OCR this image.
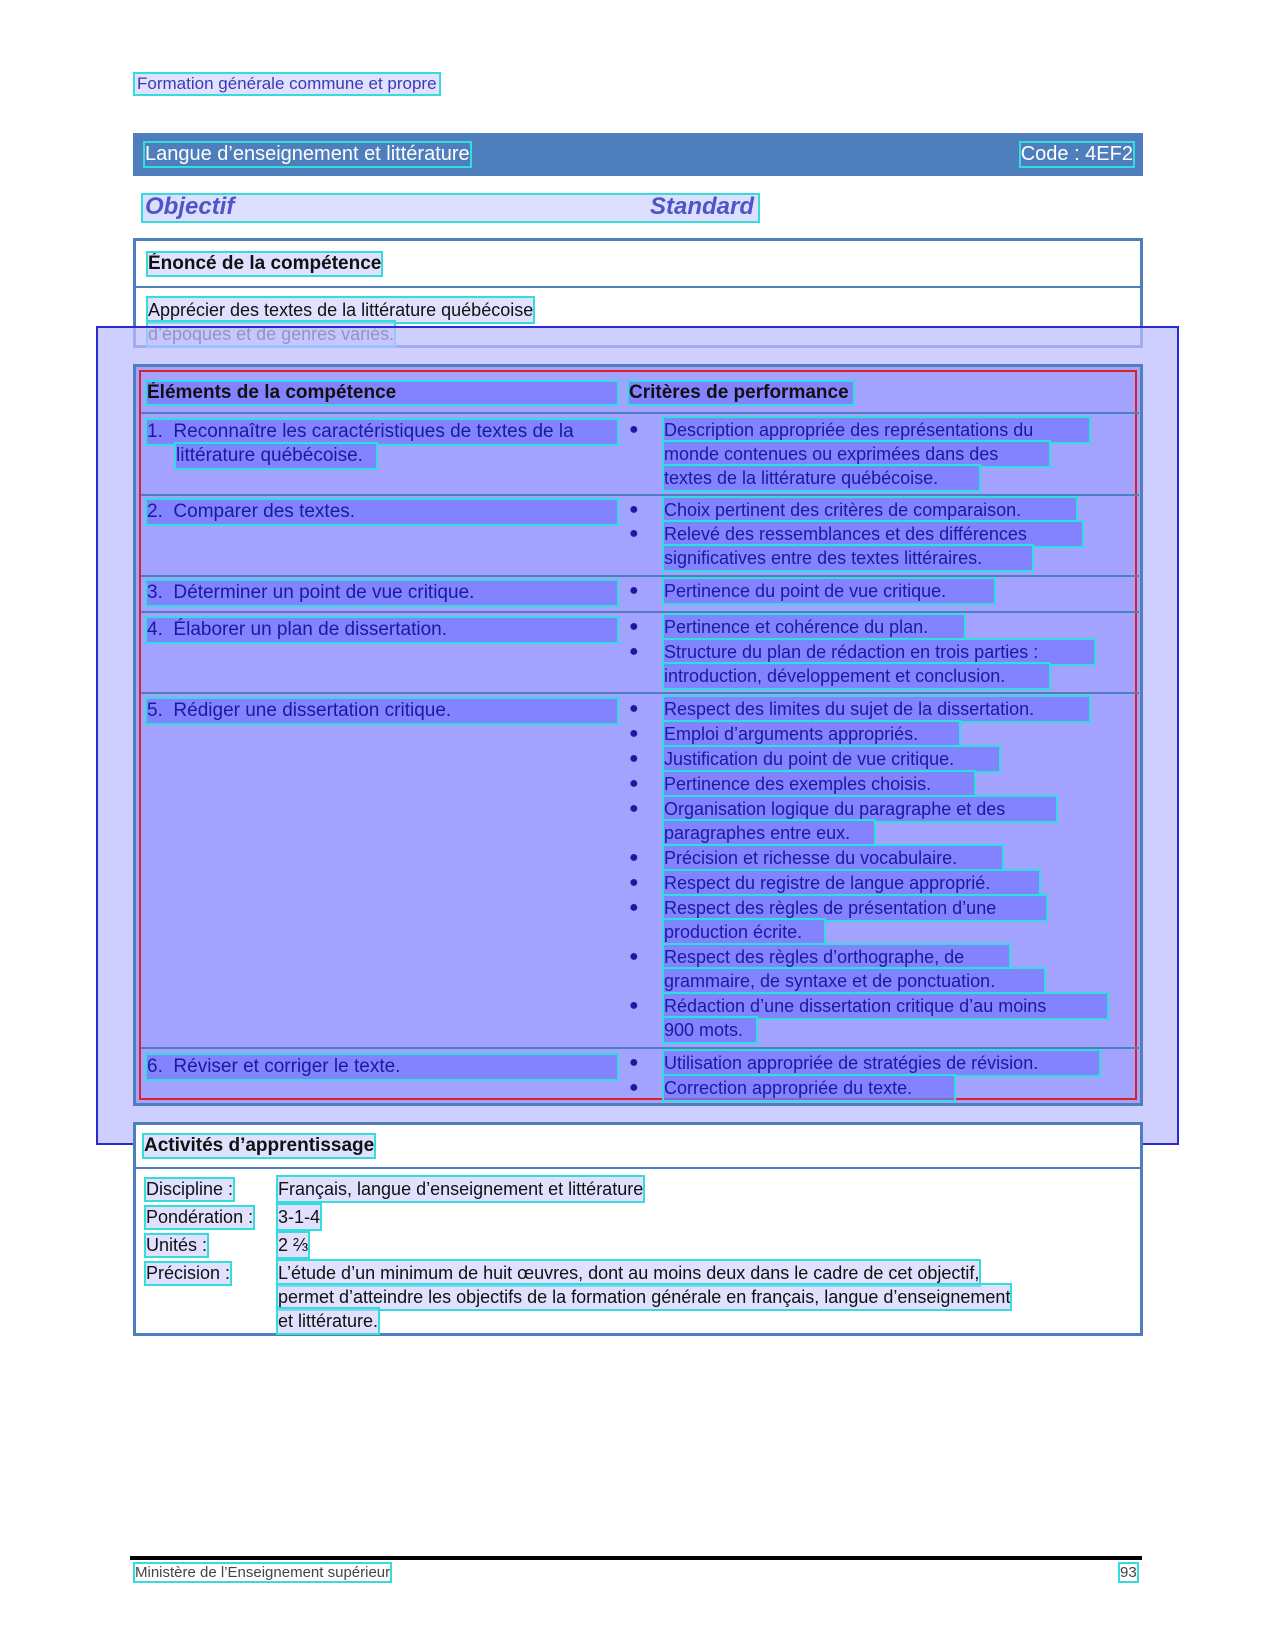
Formation générale commune et propre
Langue d’enseignement et littérature	Code : 4EF2
Objectif	Standard
Énoncé de la compétence
Apprécier des textes de la littérature québécoise

Éléments de la compétence	Critères de performance
1. Reconnaître les caractéristiques de textes de la
littérature québécoise.
● Description appropriée des représentations du
monde contenues ou exprimées dans des
textes de la littérature québécoise.
2. Comparer des textes.	● Choix pertinent des critères de comparaison.
● Relevé des ressemblances et des différences
significatives entre des textes littéraires.
3. Déterminer un point de vue critique.	● Pertinence du point de vue critique.
4. Élaborer un plan de dissertation.	● Pertinence et cohérence du plan.
● Structure du plan de rédaction en trois parties :
introduction, développement et conclusion.
5. Rédiger une dissertation critique.	● Respect des limites du sujet de la dissertation.
● Emploi d’arguments appropriés.
● Justification du point de vue critique.
● Pertinence des exemples choisis.
● Organisation logique du paragraphe et des
paragraphes entre eux.
● Précision et richesse du vocabulaire.
● Respect du registre de langue approprié.
● Respect des règles de présentation d’une
production écrite.
● Respect des règles d’orthographe, de
grammaire, de syntaxe et de ponctuation.
● Rédaction d’une dissertation critique d’au moins
900 mots.
6. Réviser et corriger le texte.	● Utilisation appropriée de stratégies de révision.
● Correction appropriée du texte.
Activités d’apprentissage
Discipline : Français, langue d’enseignement et littérature
Pondération : 3-1-4
Unités :	2 ⅔
Précision :	L’étude d’un minimum de huit œuvres, dont au moins deux dans le cadre de cet objectif,
permet d’atteindre les objectifs de la formation générale en français, langue d’enseignement
et littérature.
Ministère de l’Enseignement supérieur	93
